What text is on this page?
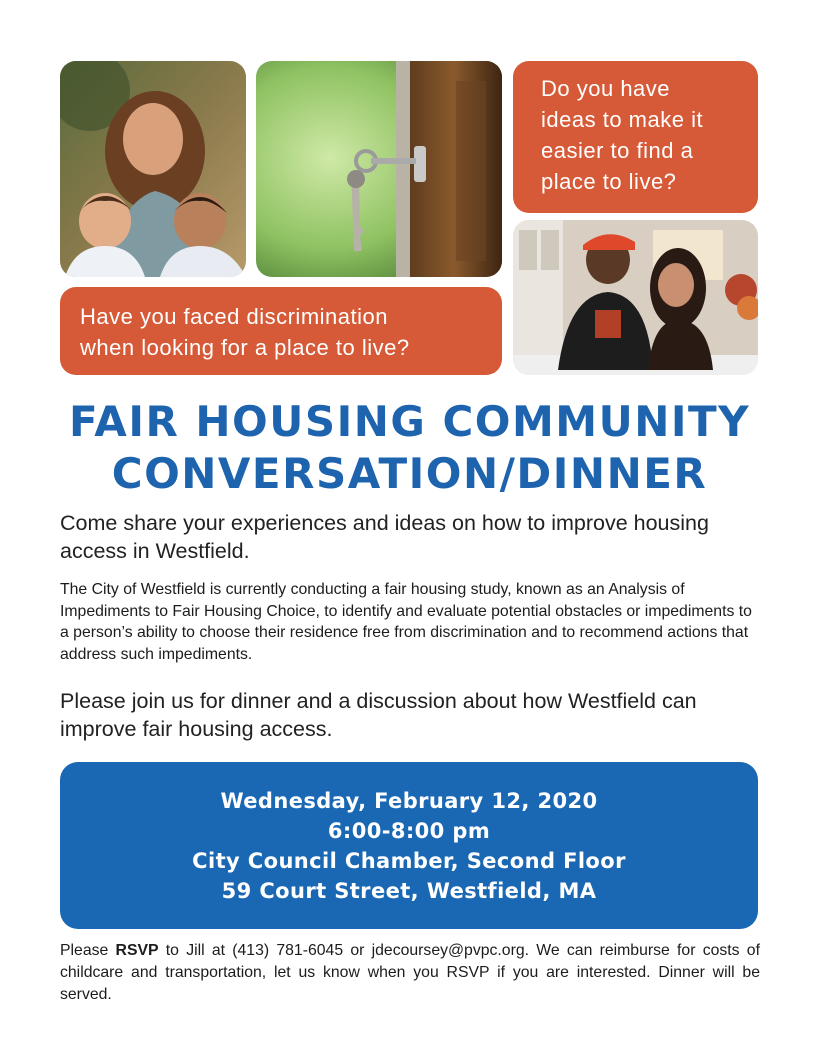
Do you have
ideas to make it
easier to find a
place to live?
Have you faced discrimination
when looking for a place to live?
FAIR HOUSING COMMUNITY
CONVERSATION/DINNER
Come share your experiences and ideas on how to improve housing access in Westfield.
The City of Westfield is currently conducting a fair housing study, known as an Analysis of Impediments to Fair Housing Choice, to identify and evaluate potential obstacles or impediments to a person’s ability to choose their residence free from discrimination and to recommend actions that address such impediments.
Please join us for dinner and a discussion about how Westfield can improve fair housing access.
Wednesday, February 12, 2020
6:00-8:00 pm
City Council Chamber, Second Floor
59 Court Street, Westfield, MA
Please RSVP to Jill at (413) 781-6045 or jdecoursey@pvpc.org. We can reimburse for costs of childcare and transportation, let us know when you RSVP if you are interested. Dinner will be served.
